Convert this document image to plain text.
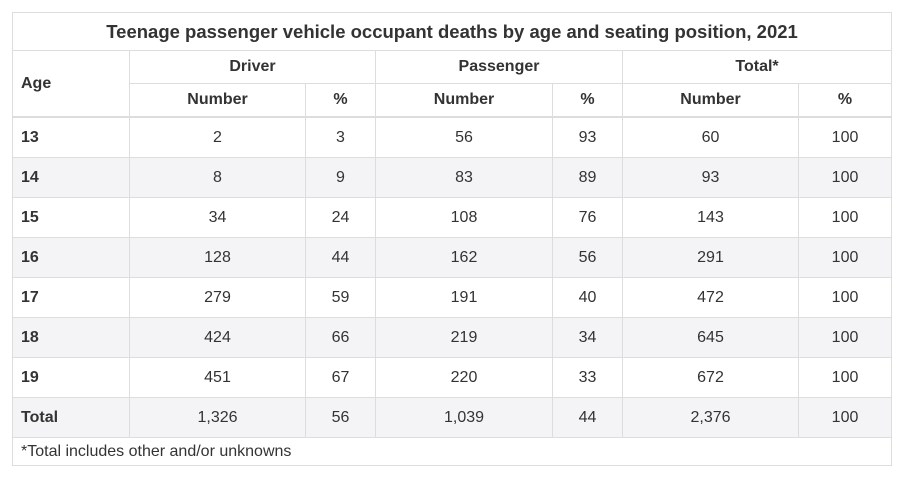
Teenage passenger vehicle occupant deaths by age and seating position, 2021						
Age	Driver		Passenger		Total*	
	Number	%	Number	%	Number	%
13	2	3	56	93	60	100
14	8	9	83	89	93	100
15	34	24	108	76	143	100
16	128	44	162	56	291	100
17	279	59	191	40	472	100
18	424	66	219	34	645	100
19	451	67	220	33	672	100
Total	1,326	56	1,039	44	2,376	100
*Total includes other and/or unknowns						
